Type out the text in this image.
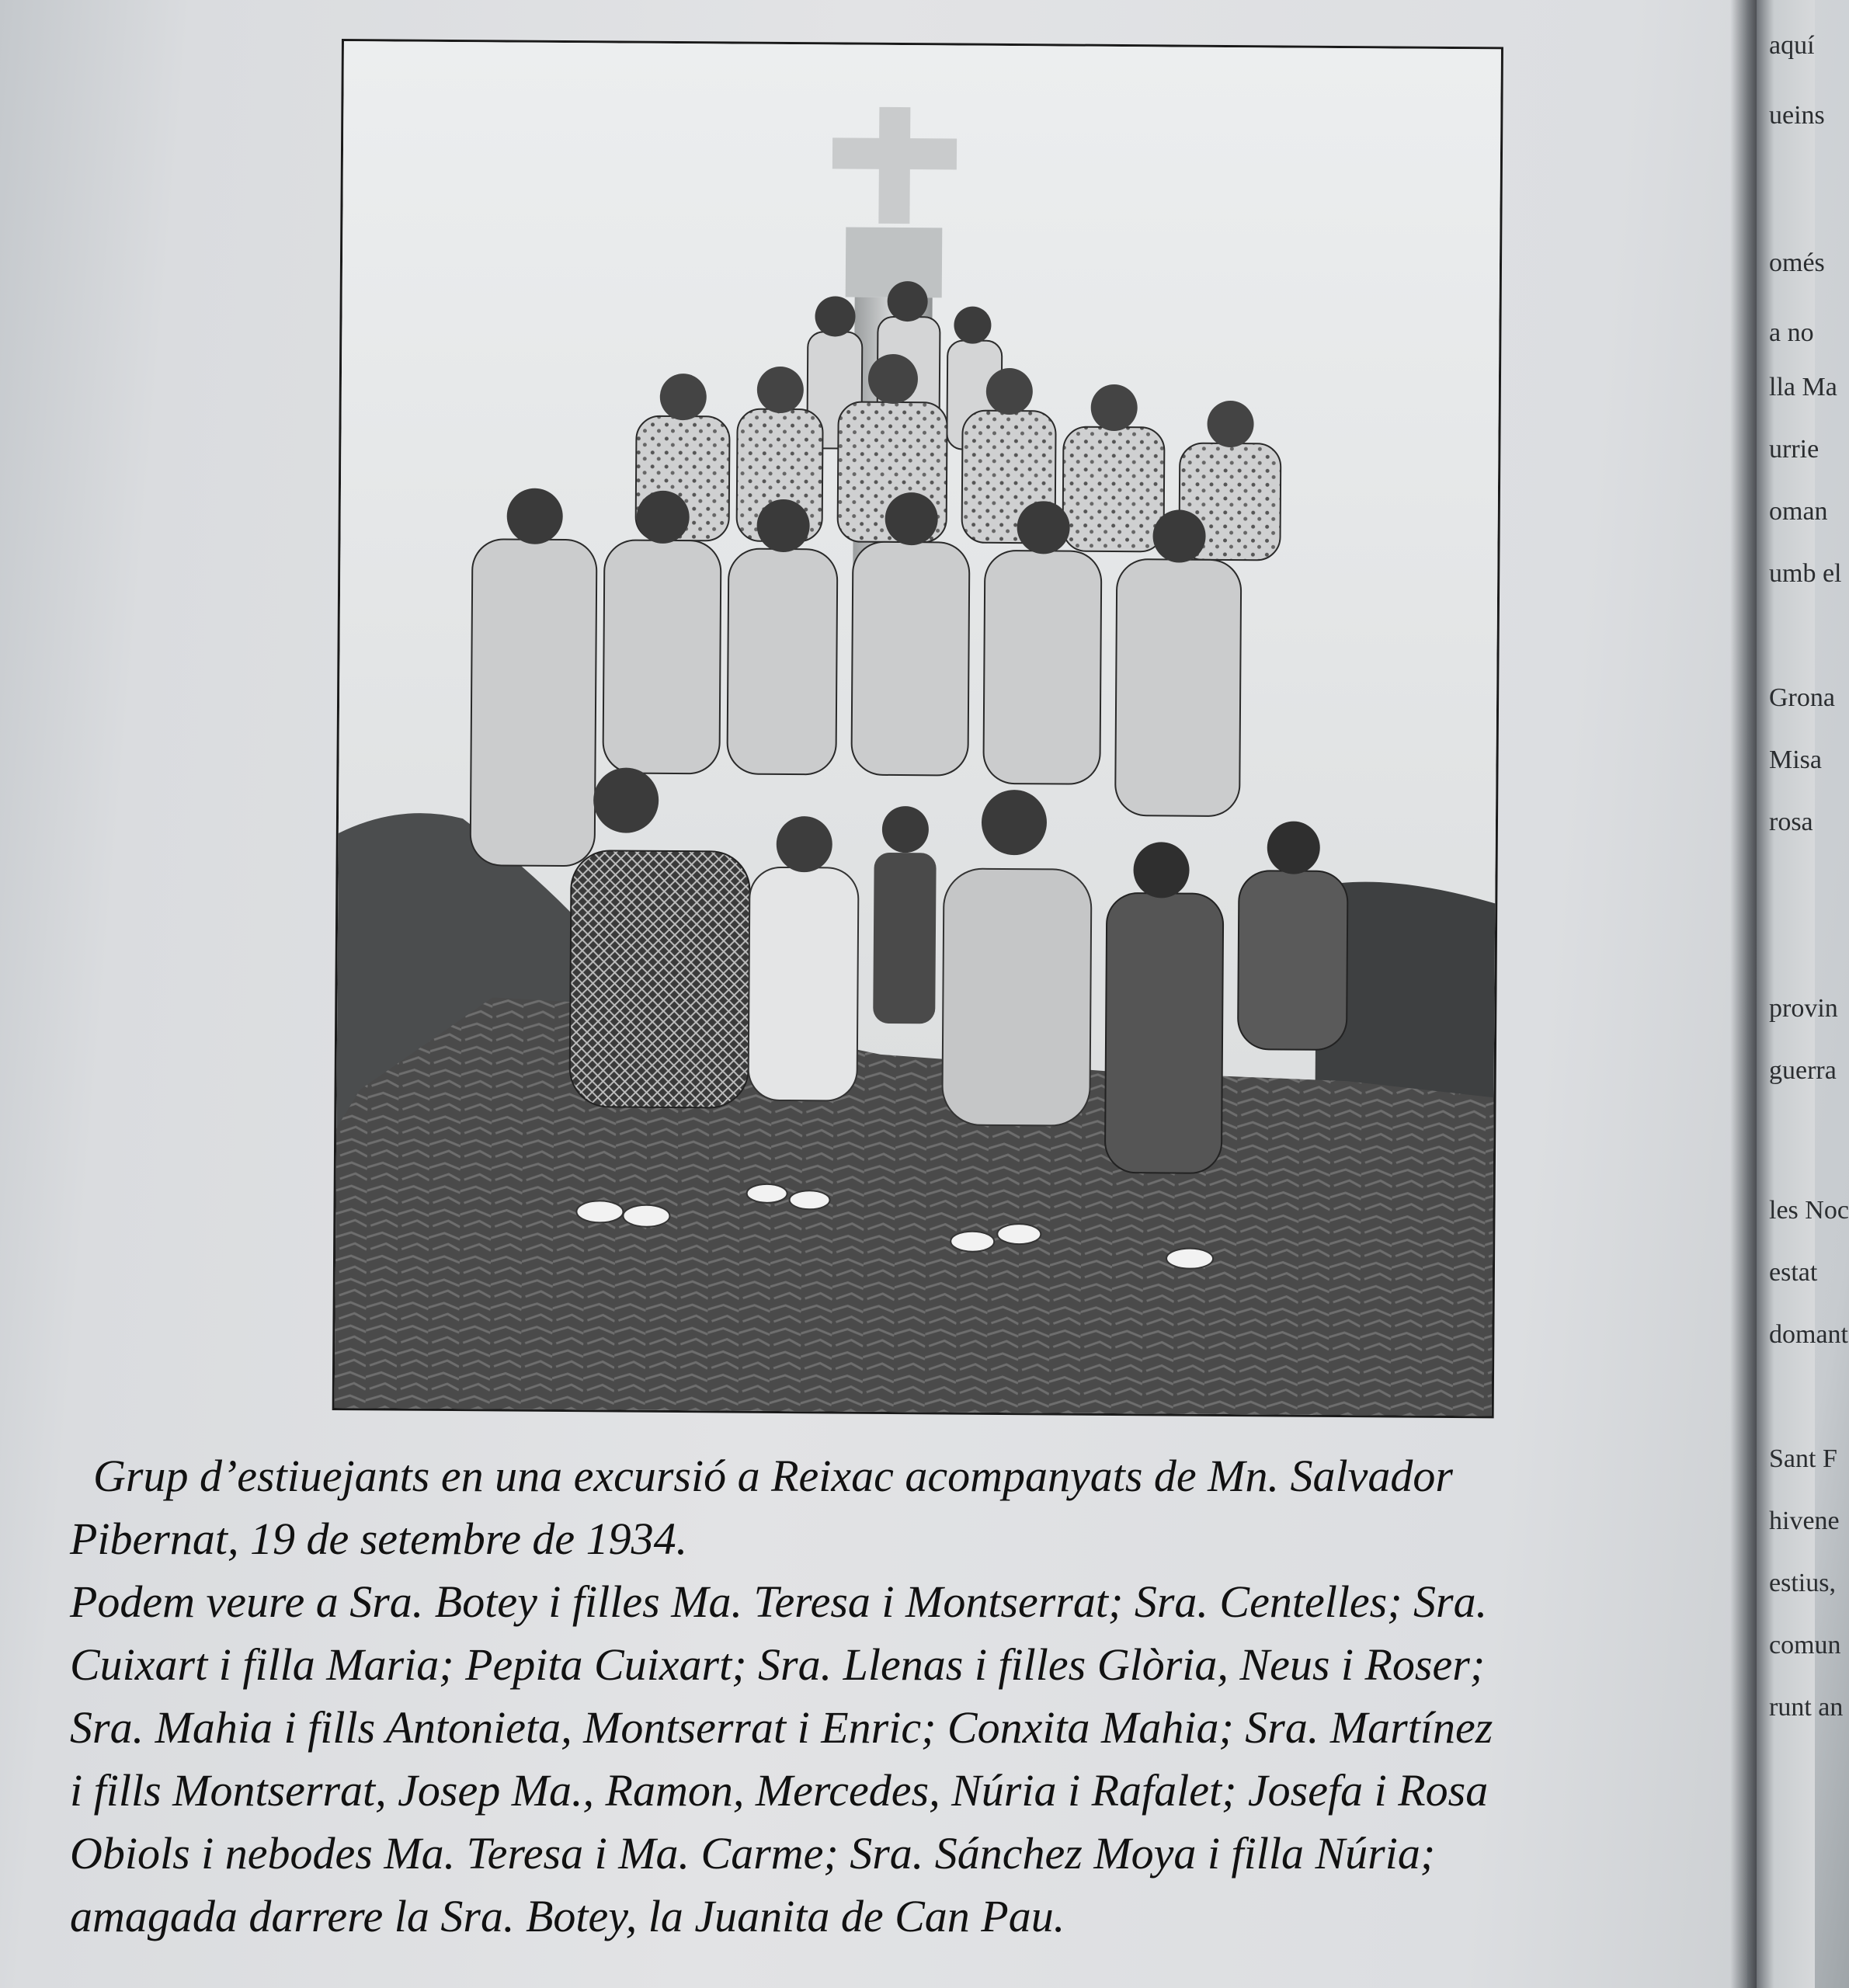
Grup d’estiuejants en una excursió a Reixac acompanyats de Mn. Salvador
Pibernat, 19 de setembre de 1934.
Podem veure a Sra. Botey i filles Ma. Teresa i Montserrat; Sra. Centelles; Sra.
Cuixart i filla Maria; Pepita Cuixart; Sra. Llenas i filles Glòria, Neus i Roser;
Sra. Mahia i fills Antonieta, Montserrat i Enric; Conxita Mahia; Sra. Martínez
i fills Montserrat, Josep Ma., Ramon, Mercedes, Núria i Rafalet; Josefa i Rosa
Obiols i nebodes Ma. Teresa i Ma. Carme; Sra. Sánchez Moya i filla Núria;
amagada darrere la Sra. Botey, la Juanita de Can Pau.
aquí
ueins
omés
a no
lla Ma
urrie
oman
umb el
Grona
Misa
rosa
provin
guerra
les Noc
estat
domant
Sant F
hivene
estius,
comun
runt an
